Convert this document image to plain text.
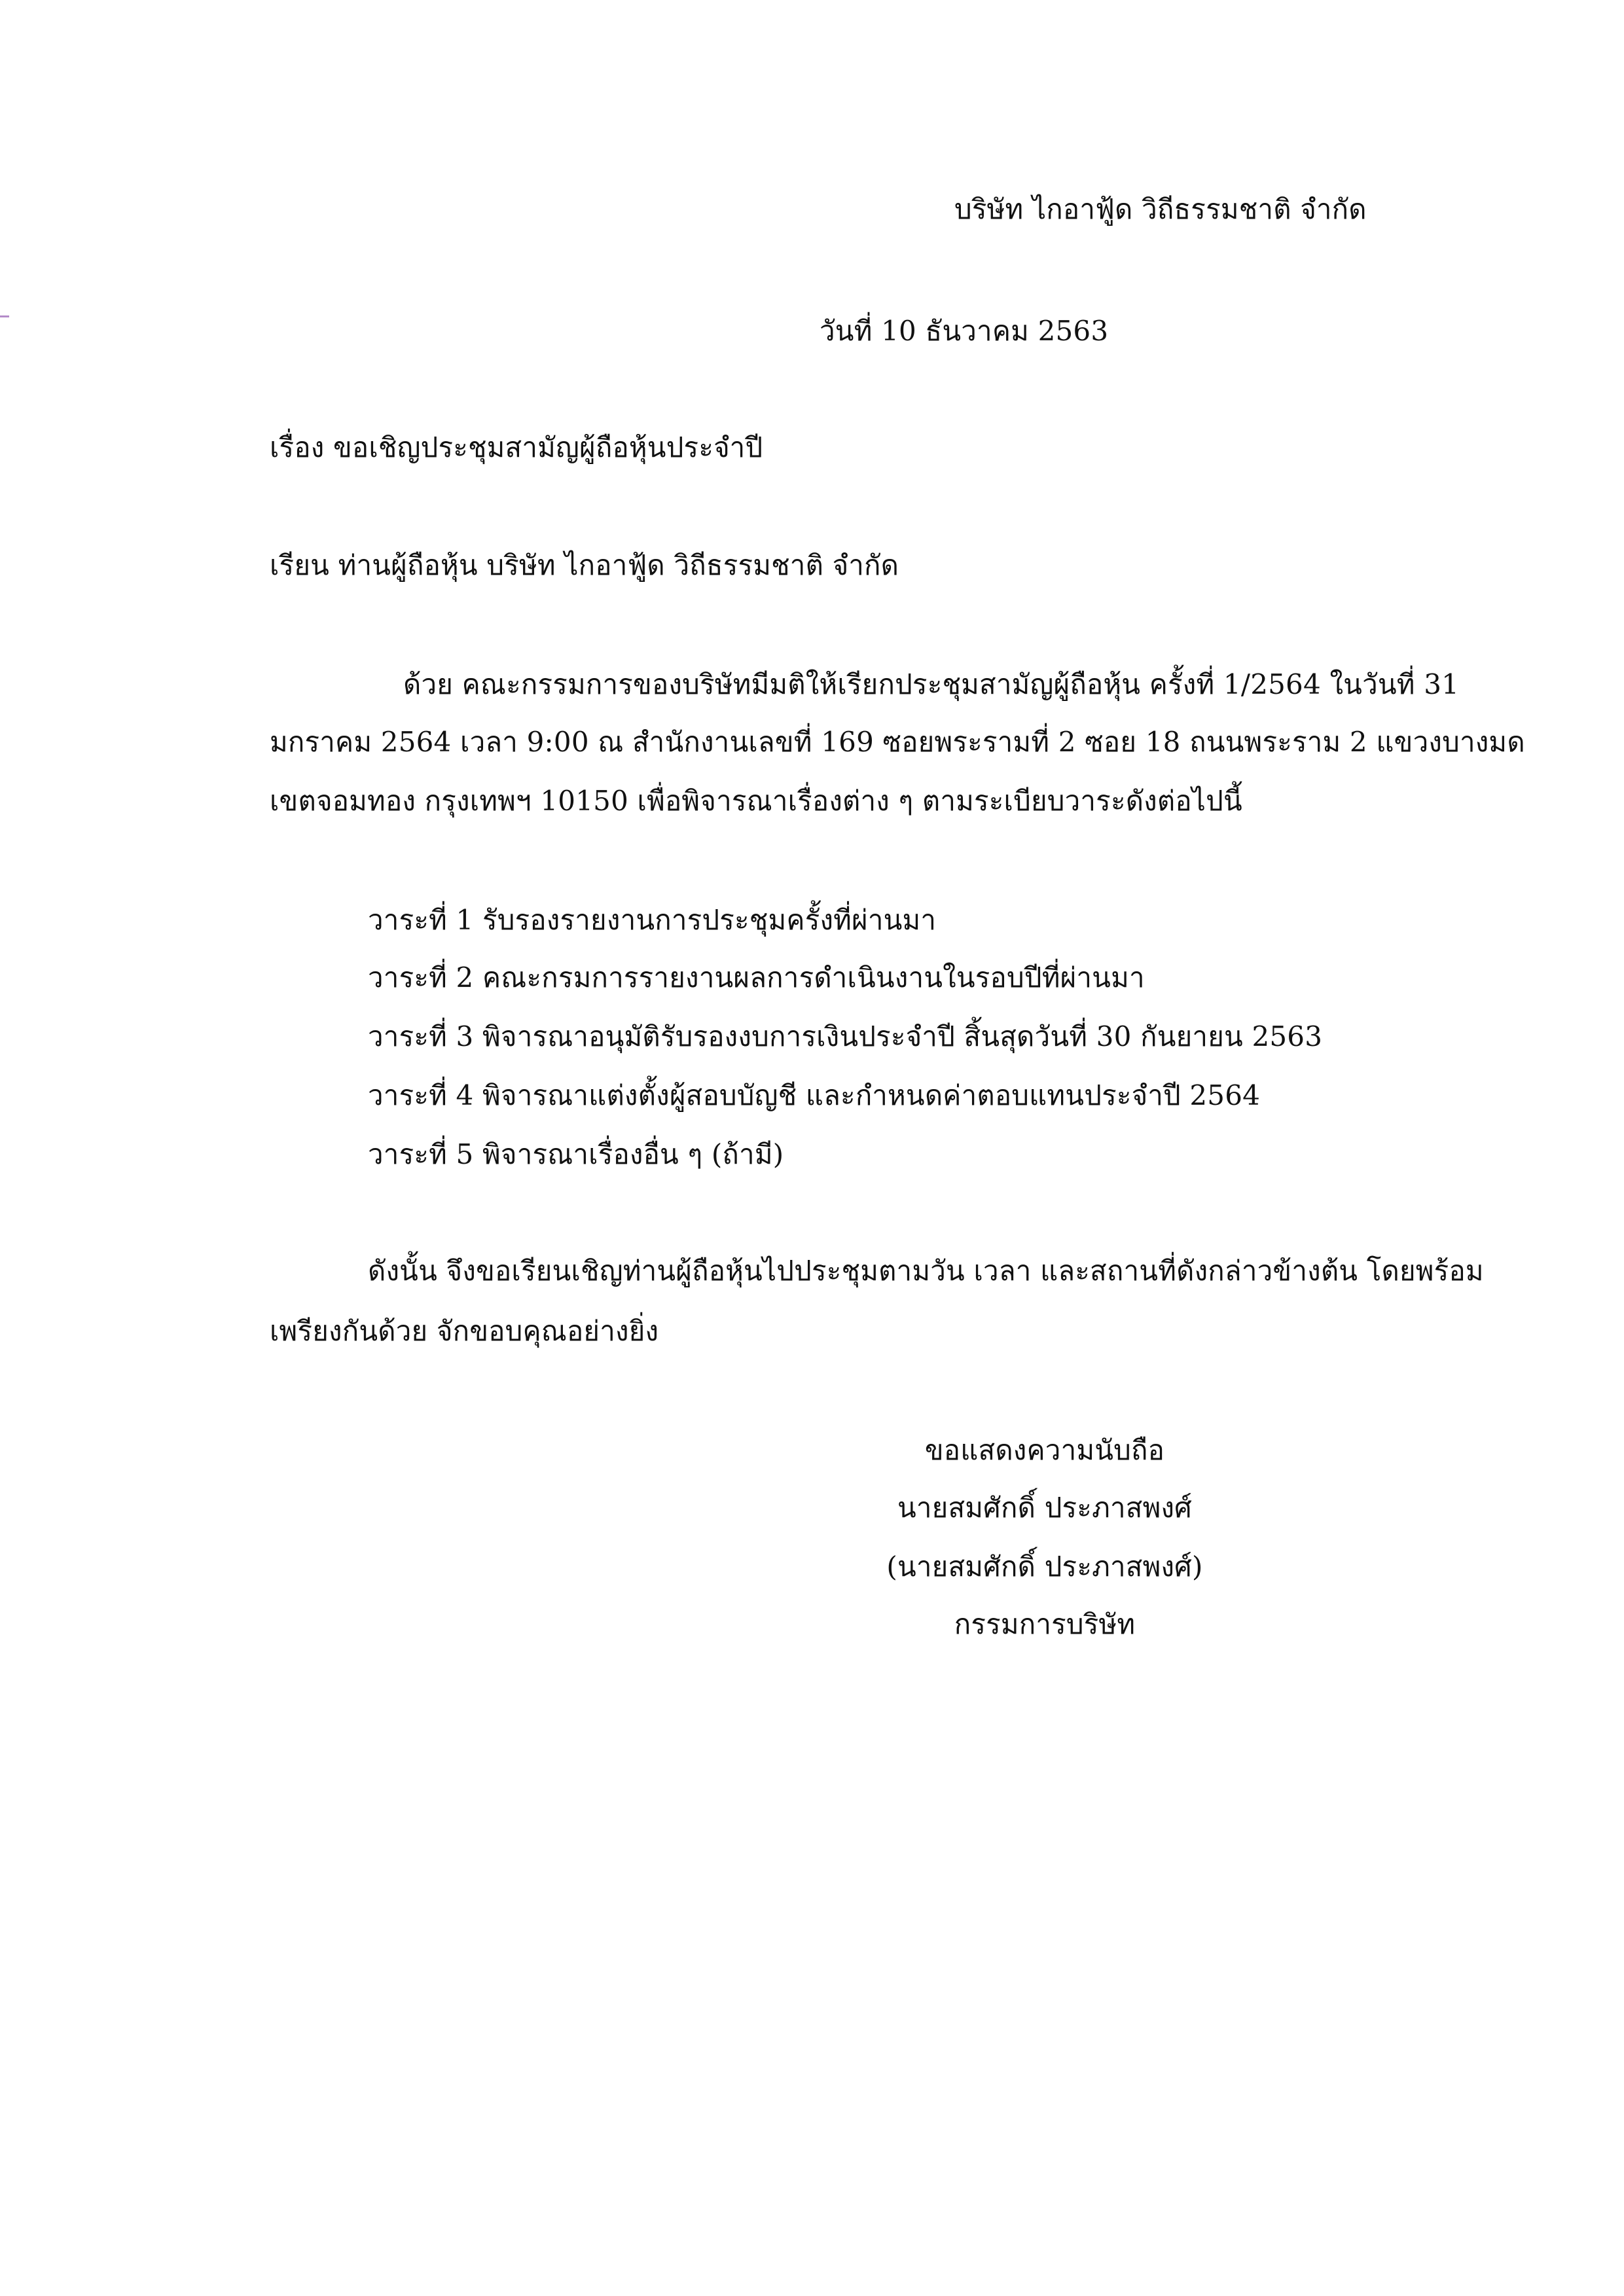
บริษัท ไกอาฟู้ด วิถีธรรมชาติ จำกัด
วันที่ 10 ธันวาคม 2563
เรื่อง ขอเชิญประชุมสามัญผู้ถือหุ้นประจำปี
เรียน ท่านผู้ถือหุ้น บริษัท ไกอาฟู้ด วิถีธรรมชาติ จำกัด
ด้วย คณะกรรมการของบริษัทมีมติให้เรียกประชุมสามัญผู้ถือหุ้น ครั้งที่ 1/2564 ในวันที่ 31
มกราคม 2564 เวลา 9:00 ณ สำนักงานเลขที่ 169 ซอยพระรามที่ 2 ซอย 18 ถนนพระราม 2 แขวงบางมด
เขตจอมทอง กรุงเทพฯ 10150 เพื่อพิจารณาเรื่องต่าง ๆ ตามระเบียบวาระดังต่อไปนี้
วาระที่ 1 รับรองรายงานการประชุมครั้งที่ผ่านมา
วาระที่ 2 คณะกรมการรายงานผลการดำเนินงานในรอบปีที่ผ่านมา
วาระที่ 3 พิจารณาอนุมัติรับรองงบการเงินประจำปี สิ้นสุดวันที่ 30 กันยายน 2563
วาระที่ 4 พิจารณาแต่งตั้งผู้สอบบัญชี และกำหนดค่าตอบแทนประจำปี 2564
วาระที่ 5 พิจารณาเรื่องอื่น ๆ (ถ้ามี)
ดังนั้น จึงขอเรียนเชิญท่านผู้ถือหุ้นไปประชุมตามวัน เวลา และสถานที่ดังกล่าวข้างต้น โดยพร้อม
เพรียงกันด้วย จักขอบคุณอย่างยิ่ง
ขอแสดงความนับถือ
นายสมศักดิ์ ประภาสพงศ์
(นายสมศักดิ์ ประภาสพงศ์)
กรรมการบริษัท
